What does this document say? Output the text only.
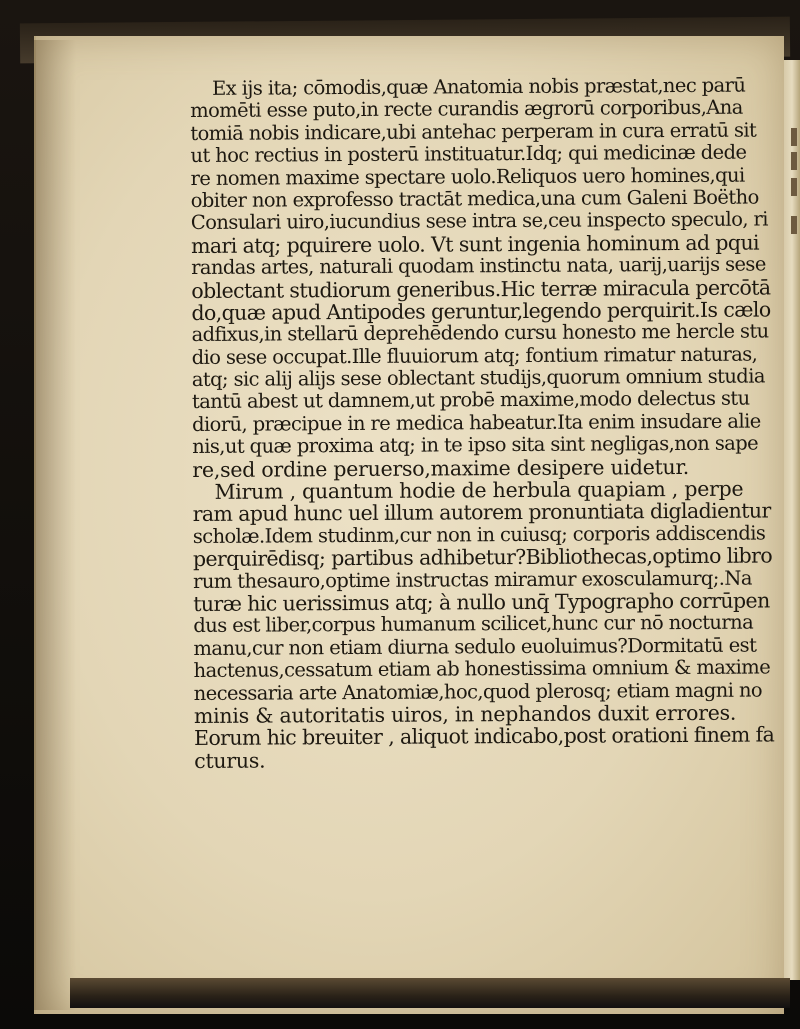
Ex ijs ita; cōmodis,quæ Anatomia nobis præstat,nec parū
momēti esse puto,in recte curandis ægrorū corporibus,Ana
tomiā nobis indicare,ubi antehac perperam in cura erratū sit
ut hoc rectius in posterū instituatur.Idq; qui medicinæ dede
re nomen maxime spectare uolo.Reliquos uero homines,qui
obiter non exprofesso tractāt medica,una cum Galeni Boëtho
Consulari uiro,iucundius sese intra se,ceu inspecto speculo, ri
mari atq; pquirere uolo. Vt sunt ingenia hominum ad pqui
randas artes, naturali quodam instinctu nata, uarij,uarijs sese
oblectant studiorum generibus.Hic terræ miracula percōtā
do,quæ apud Antipodes geruntur,legendo perquirit.Is cælo
adfixus,in stellarū deprehēdendo cursu honesto me hercle stu
dio sese occupat.Ille fluuiorum atq; fontium rimatur naturas,
atq; sic alij alijs sese oblectant studijs,quorum omnium studia
tantū abest ut damnem,ut probē maxime,modo delectus stu
diorū, præcipue in re medica habeatur.Ita enim insudare alie
nis,ut quæ proxima atq; in te ipso sita sint negligas,non sape
re,sed ordine peruerso,maxime desipere uidetur.
Mirum , quantum hodie de herbula quapiam , perpe
ram apud hunc uel illum autorem pronuntiata digladientur
scholæ.Idem studinm,cur non in cuiusq; corporis addiscendis
perquirēdisq; partibus adhibetur?Bibliothecas,optimo libro
rum thesauro,optime instructas miramur exosculamurq;.Na
turæ hic uerissimus atq; à nullo unq̄ Typographo corrūpen
dus est liber,corpus humanum scilicet,hunc cur nō nocturna
manu,cur non etiam diurna sedulo euoluimus?Dormitatū est
hactenus,cessatum etiam ab honestissima omnium & maxime
necessaria arte Anatomiæ,hoc,quod plerosq; etiam magni no
minis & autoritatis uiros, in nephandos duxit errores.
Eorum hic breuiter , aliquot indicabo,post orationi finem fa
cturus.
